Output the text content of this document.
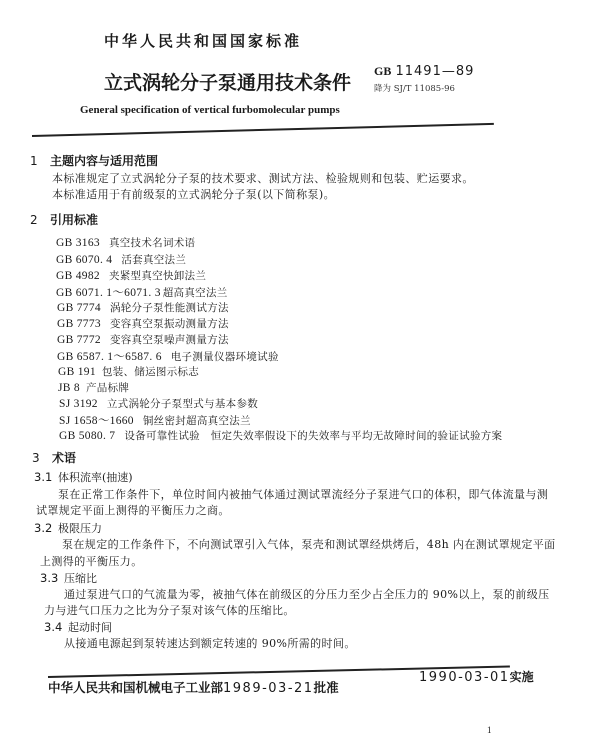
中华人民共和国国家标准
立式涡轮分子泵通用技术条件
General specification of vertical furbomolecular pumps
GB 11491—89
降为 SJ/T 11085-96
1 主题内容与适用范围
本标准规定了立式涡轮分子泵的技术要求、测试方法、检验规则和包装、贮运要求。
本标准适用于有前级泵的立式涡轮分子泵(以下简称泵)。
2 引用标准
GB 3163 真空技术名词术语
GB 6070. 4 活套真空法兰
GB 4982 夹紧型真空快卸法兰
GB 6071. 1～6071. 3 超高真空法兰
GB 7774 涡轮分子泵性能测试方法
GB 7773 变容真空泵振动测量方法
GB 7772 变容真空泵噪声测量方法
GB 6587. 1～6587. 6 电子测量仪器环境试验
GB 191 包装、储运图示标志
JB 8 产品标牌
SJ 3192 立式涡轮分子泵型式与基本参数
SJ 1658～1660 铜丝密封超高真空法兰
GB 5080. 7 设备可靠性试验　恒定失效率假设下的失效率与平均无故障时间的验证试验方案
3 术语
3.1 体积流率(抽速)
泵在正常工作条件下，单位时间内被抽气体通过测试罩流经分子泵进气口的体积，即气体流量与测
试罩规定平面上测得的平衡压力之商。
3.2 极限压力
泵在规定的工作条件下，不向测试罩引入气体，泵壳和测试罩经烘烤后，48h 内在测试罩规定平面
上测得的平衡压力。
3.3 压缩比
通过泵进气口的气流量为零，被抽气体在前级区的分压力至少占全压力的 90%以上，泵的前级压
力与进气口压力之比为分子泵对该气体的压缩比。
3.4 起动时间
从接通电源起到泵转速达到额定转速的 90%所需的时间。
中华人民共和国机械电子工业部1989-03-21批准
1990-03-01实施
1
